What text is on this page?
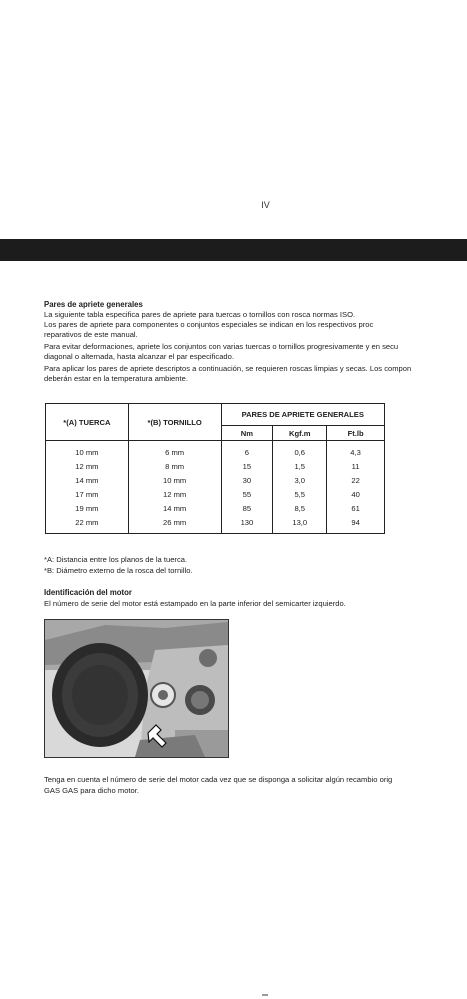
IV
Pares de apriete generales
La siguiente tabla especifica pares de apriete para tuercas o tornillos con rosca normas ISO.
Los pares de apriete para componentes o conjuntos especiales se indican en los respectivos proc
reparativos de este manual.
Para evitar deformaciones, apriete los conjuntos con varias tuercas o tornillos progresivamente y en secu
diagonal o alternada, hasta alcanzar el par especificado.
Para aplicar los pares de apriete descriptos a continuación, se requieren roscas limpias y secas. Los compon
deberán estar en la temperatura ambiente.
*(A) TUERCA	*(B) TORNILLO	PARES DE APRIETE GENERALES		
		Nm	Kgf.m	Ft.lb
10 mm	6 mm	6	0,6	4,3
12 mm	8 mm	15	1,5	11
14 mm	10 mm	30	3,0	22
17 mm	12 mm	55	5,5	40
19 mm	14 mm	85	8,5	61
22 mm	26 mm	130	13,0	94
*A: Distancia entre los planos de la tuerca.
*B: Diámetro externo de la rosca del tornillo.
Identificación del motor
El número de serie del motor está estampado en la parte inferior del semicarter izquierdo.
Tenga en cuenta el número de serie del motor cada vez que se disponga a solicitar algún recambio orig
GAS GAS para dicho motor.
